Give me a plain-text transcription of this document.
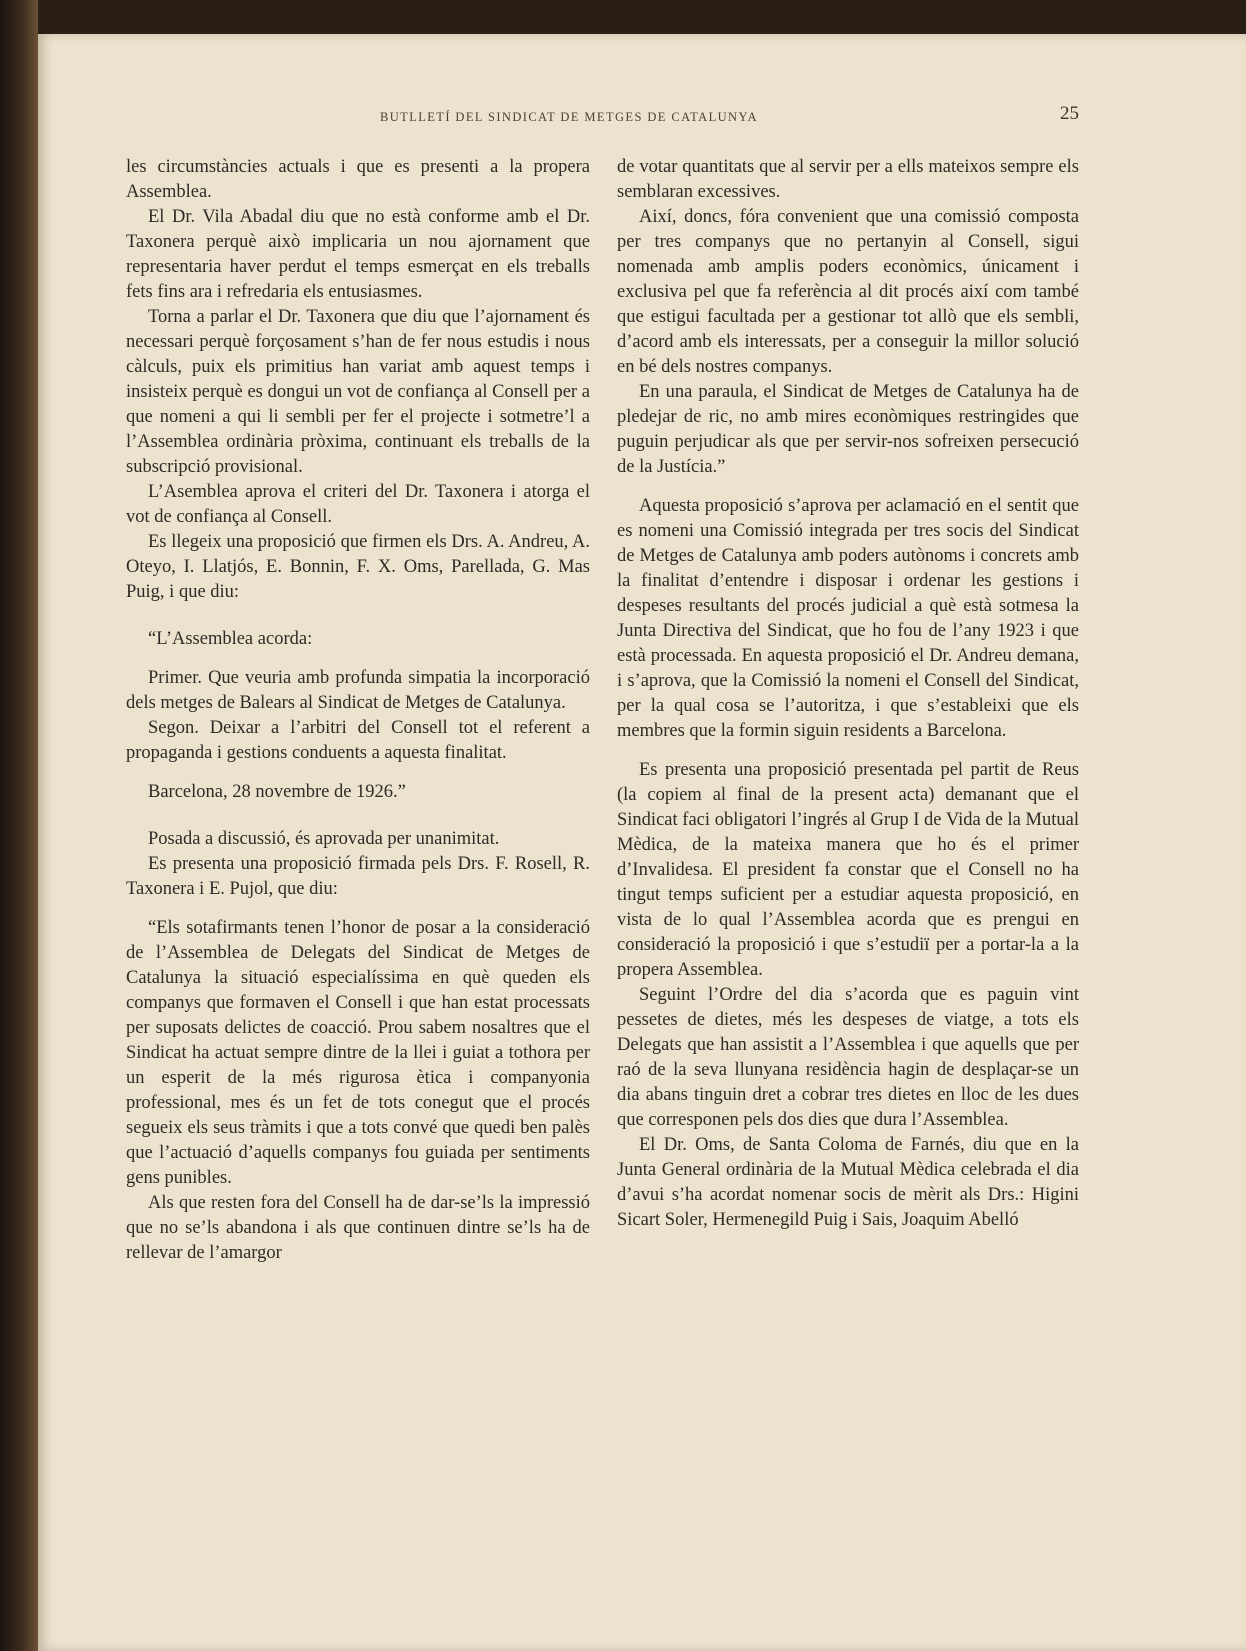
BUTLLETÍ DEL SINDICAT DE METGES DE CATALUNYA	25

les circumstàncies actuals i que es presenti a la propera Assemblea.

El Dr. Vila Abadal diu que no està conforme amb el Dr. Taxonera perquè això implicaria un nou ajornament que representaria haver perdut el temps esmerçat en els treballs fets fins ara i refredaria els entusiasmes.

Torna a parlar el Dr. Taxonera que diu que l’ajornament és necessari perquè forçosament s’han de fer nous estudis i nous càlculs, puix els primitius han variat amb aquest temps i insisteix perquè es dongui un vot de confiança al Consell per a que nomeni a qui li sembli per fer el projecte i sotmetre’l a l’Assemblea ordinària pròxima, continuant els treballs de la subscripció provisional.

L’Asemblea aprova el criteri del Dr. Taxonera i atorga el vot de confiança al Consell.

Es llegeix una proposició que firmen els Drs. A. Andreu, A. Oteyo, I. Llatjós, E. Bonnin, F. X. Oms, Parellada, G. Mas Puig, i que diu:

“L’Assemblea acorda:

Primer. Que veuria amb profunda simpatia la incorporació dels metges de Balears al Sindicat de Metges de Catalunya.

Segon. Deixar a l’arbitri del Consell tot el referent a propaganda i gestions conduents a aquesta finalitat.

Barcelona, 28 novembre de 1926.”

Posada a discussió, és aprovada per unanimitat.

Es presenta una proposició firmada pels Drs. F. Rosell, R. Taxonera i E. Pujol, que diu:

“Els sotafirmants tenen l’honor de posar a la consideració de l’Assemblea de Delegats del Sindicat de Metges de Catalunya la situació especialíssima en què queden els companys que formaven el Consell i que han estat processats per suposats delictes de coacció. Prou sabem nosaltres que el Sindicat ha actuat sempre dintre de la llei i guiat a tothora per un esperit de la més rigurosa ètica i companyonia professional, mes és un fet de tots conegut que el procés segueix els seus tràmits i que a tots convé que quedi ben palès que l’actuació d’aquells companys fou guiada per sentiments gens punibles.

Als que resten fora del Consell ha de dar-se’ls la impressió que no se’ls abandona i als que continuen dintre se’ls ha de rellevar de l’amargor

de votar quantitats que al servir per a ells mateixos sempre els semblaran excessives.

Així, doncs, fóra convenient que una comissió composta per tres companys que no pertanyin al Consell, sigui nomenada amb amplis poders econòmics, únicament i exclusiva pel que fa referència al dit procés així com també que estigui facultada per a gestionar tot allò que els sembli, d’acord amb els interessats, per a conseguir la millor solució en bé dels nostres companys.

En una paraula, el Sindicat de Metges de Catalunya ha de pledejar de ric, no amb mires econòmiques restringides que puguin perjudicar als que per servir-nos sofreixen persecució de la Justícia.”

Aquesta proposició s’aprova per aclamació en el sentit que es nomeni una Comissió integrada per tres socis del Sindicat de Metges de Catalunya amb poders autònoms i concrets amb la finalitat d’entendre i disposar i ordenar les gestions i despeses resultants del procés judicial a què està sotmesa la Junta Directiva del Sindicat, que ho fou de l’any 1923 i que està processada. En aquesta proposició el Dr. Andreu demana, i s’aprova, que la Comissió la nomeni el Consell del Sindicat, per la qual cosa se l’autoritza, i que s’estableixi que els membres que la formin siguin residents a Barcelona.

Es presenta una proposició presentada pel partit de Reus (la copiem al final de la present acta) demanant que el Sindicat faci obligatori l’ingrés al Grup I de Vida de la Mutual Mèdica, de la mateixa manera que ho és el primer d’Invalidesa. El president fa constar que el Consell no ha tingut temps suficient per a estudiar aquesta proposició, en vista de lo qual l’Assemblea acorda que es prengui en consideració la proposició i que s’estudiï per a portar-la a la propera Assemblea.

Seguint l’Ordre del dia s’acorda que es paguin vint pessetes de dietes, més les despeses de viatge, a tots els Delegats que han assistit a l’Assemblea i que aquells que per raó de la seva llunyana residència hagin de desplaçar-se un dia abans tinguin dret a cobrar tres dietes en lloc de les dues que corresponen pels dos dies que dura l’Assemblea.

El Dr. Oms, de Santa Coloma de Farnés, diu que en la Junta General ordinària de la Mutual Mèdica celebrada el dia d’avui s’ha acordat nomenar socis de mèrit als Drs.: Higini Sicart Soler, Hermenegild Puig i Sais, Joaquim Abelló
